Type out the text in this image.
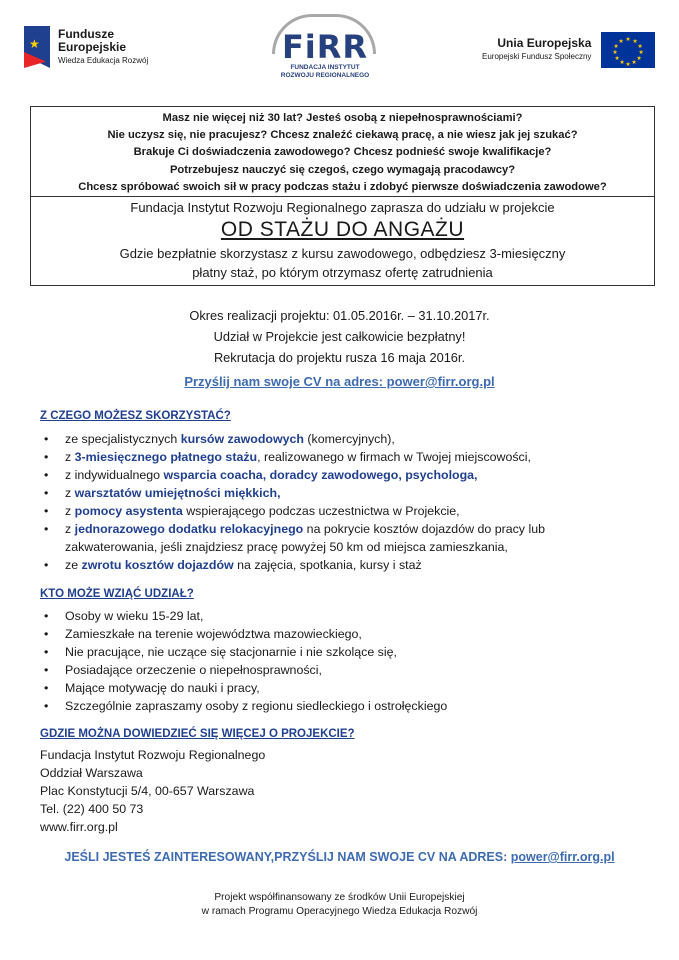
★
Fundusze
Europejskie
Wiedza Edukacja Rozwój	FiRR
FUNDACJA INSTYTUT
ROZWOJU REGIONALNEGO
Unia Europejska
Europejski Fundusz Społeczny
★ ★
★
★
★
★
★
★
★
★
★
★

Masz nie więcej niż 30 lat? Jesteś osobą z niepełnosprawnościami?

Nie uczysz się, nie pracujesz? Chcesz znaleźć ciekawą pracę, a nie wiesz jak jej szukać?

Brakuje Ci doświadczenia zawodowego? Chcesz podnieść swoje kwalifikacje?

Potrzebujesz nauczyć się czegoś, czego wymagają pracodawcy?

Chcesz spróbować swoich sił w pracy podczas stażu i zdobyć pierwsze doświadczenia zawodowe?

Fundacja Instytut Rozwoju Regionalnego zaprasza do udziału w projekcie

OD STAŻU DO ANGAŻU

Gdzie bezpłatnie skorzystasz z kursu zawodowego, odbędziesz 3-miesięczny

płatny staż, po którym otrzymasz ofertę zatrudnienia

Okres realizacji projektu: 01.05.2016r. – 31.10.2017r.

Udział w Projekcie jest całkowicie bezpłatny!

Rekrutacja do projektu rusza 16 maja 2016r.

Przyślij nam swoje CV na adres: power@firr.org.pl
Z CZEGO MOŻESZ SKORZYSTAĆ?
• ze specjalistycznych kursów zawodowych (komercyjnych),
• z 3-miesięcznego płatnego stażu, realizowanego w firmach w Twojej miejscowości,
• z indywidualnego wsparcia coacha, doradcy zawodowego, psychologa,
• z warsztatów umiejętności miękkich,
• z pomocy asystenta wspierającego podczas uczestnictwa w Projekcie,
• z jednorazowego dodatku relokacyjnego na pokrycie kosztów dojazdów do pracy lub
zakwaterowania, jeśli znajdziesz pracę powyżej 50 km od miejsca zamieszkania,
• ze zwrotu kosztów dojazdów na zajęcia, spotkania, kursy i staż
KTO MOŻE WZIĄĆ UDZIAŁ?
• Osoby w wieku 15-29 lat,
• Zamieszkałe na terenie województwa mazowieckiego,
• Nie pracujące, nie uczące się stacjonarnie i nie szkolące się,
• Posiadające orzeczenie o niepełnosprawności,
• Mające motywację do nauki i pracy,
• Szczególnie zapraszamy osoby z regionu siedleckiego i ostrołęckiego
GDZIE MOŻNA DOWIEDZIEĆ SIĘ WIĘCEJ O PROJEKCIE?

Fundacja Instytut Rozwoju Regionalnego

Oddział Warszawa

Plac Konstytucji 5/4, 00-657 Warszawa

Tel. (22) 400 50 73

www.firr.org.pl

JEŚLI JESTEŚ ZAINTERESOWANY,PRZYŚLIJ NAM SWOJE CV NA ADRES: power@firr.org.pl

Projekt współfinansowany ze środków Unii Europejskiej

w ramach Programu Operacyjnego Wiedza Edukacja Rozwój
